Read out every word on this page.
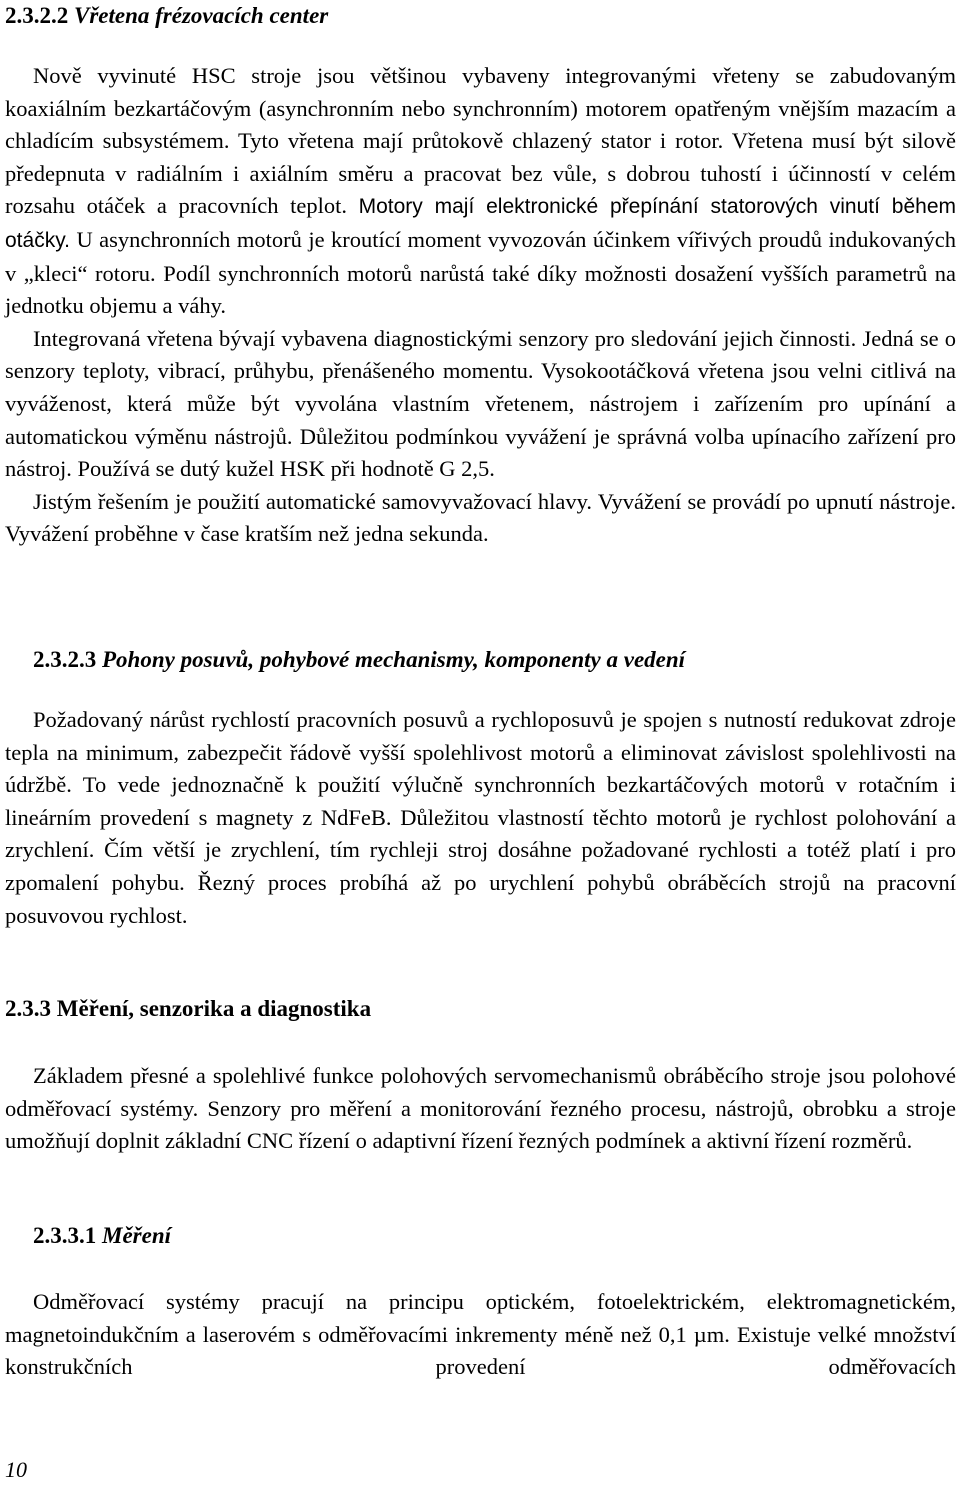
2.3.2.2 Vřetena frézovacích center

Nově vyvinuté HSC stroje jsou většinou vybaveny integrovanými vřeteny se zabudovaným koaxiálním bezkartáčovým (asynchronním nebo synchronním) motorem opatřeným vnějším mazacím a chladícím subsystémem. Tyto vřetena mají průtokově chlazený stator i rotor. Vřetena musí být silově předepnuta v radiálním i axiálním směru a pracovat bez vůle, s dobrou tuhostí i účinností v celém rozsahu otáček a pracovních teplot. Motory mají elektronické přepínání statorových vinutí během otáčky. U asynchronních motorů je kroutící moment vyvozován účinkem vířivých proudů indukovaných v „kleci“ rotoru. Podíl synchronních motorů narůstá také díky možnosti dosažení vyšších parametrů na jednotku objemu a váhy.

Integrovaná vřetena bývají vybavena diagnostickými senzory pro sledování jejich činnosti. Jedná se o senzory teploty, vibrací, průhybu, přenášeného momentu. Vysokootáčková vřetena jsou velni citlivá na vyváženost, která může být vyvolána vlastním vřetenem, nástrojem i zařízením pro upínání a automatickou výměnu nástrojů. Důležitou podmínkou vyvážení je správná volba upínacího zařízení pro nástroj. Používá se dutý kužel HSK při hodnotě G 2,5.

Jistým řešením je použití automatické samovyvažovací hlavy. Vyvážení se provádí po upnutí nástroje. Vyvážení proběhne v čase kratším než jedna sekunda.

2.3.2.3 Pohony posuvů, pohybové mechanismy, komponenty a vedení

Požadovaný nárůst rychlostí pracovních posuvů a rychloposuvů je spojen s nutností redukovat zdroje tepla na minimum, zabezpečit řádově vyšší spolehlivost motorů a eliminovat závislost spolehlivosti na údržbě. To vede jednoznačně k použití výlučně synchronních bezkartáčových motorů v rotačním i lineárním provedení s magnety z NdFeB. Důležitou vlastností těchto motorů je rychlost polohování a zrychlení. Čím větší je zrychlení, tím rychleji stroj dosáhne požadované rychlosti a totéž platí i pro zpomalení pohybu. Řezný proces probíhá až po urychlení pohybů obráběcích strojů na pracovní posuvovou rychlost.

2.3.3 Měření, senzorika a diagnostika

Základem přesné a spolehlivé funkce polohových servomechanismů obráběcího stroje jsou polohové odměřovací systémy. Senzory pro měření a monitorování řezného procesu, nástrojů, obrobku a stroje umožňují doplnit základní CNC řízení o adaptivní řízení řezných podmínek a aktivní řízení rozměrů.

2.3.3.1 Měření

Odměřovací systémy pracují na principu optickém, fotoelektrickém, elektromagnetickém, magnetoindukčním a laserovém s odměřovacími inkrementy méně než 0,1 µm. Existuje velké množství konstrukčních provedení odměřovacích

10
